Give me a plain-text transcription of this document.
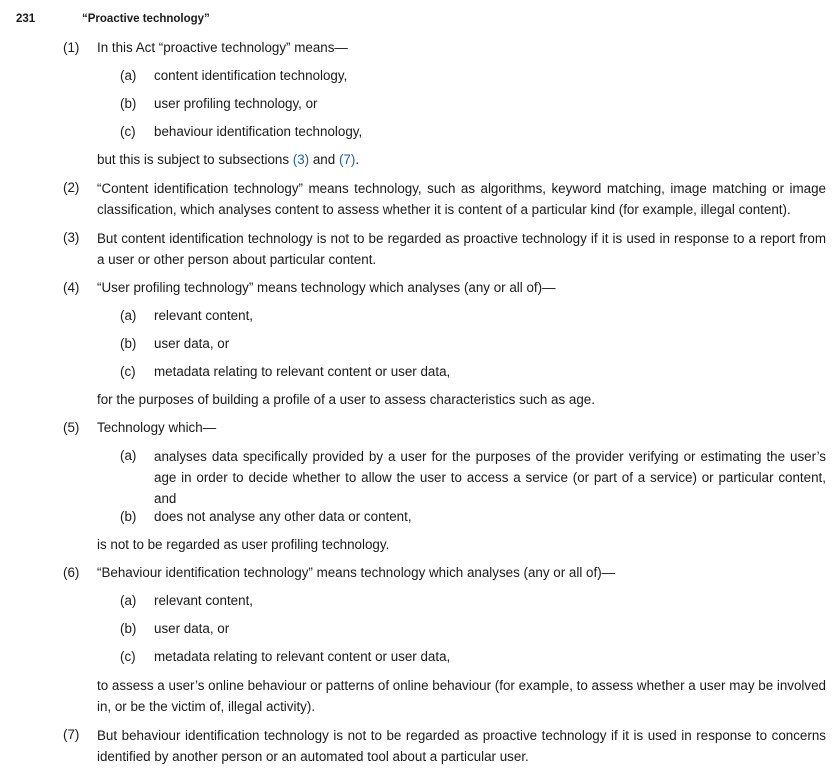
231	“Proactive technology”
(1) In this Act “proactive technology” means—
(a) content identification technology,
(b) user profiling technology, or
(c) behaviour identification technology,
but this is subject to subsections (3) and (7).
(2) “Content identification technology” means technology, such as algorithms, keyword matching, image matching or image classification, which analyses content to assess whether it is content of a particular kind (for example, illegal content).
(3) But content identification technology is not to be regarded as proactive technology if it is used in response to a report from a user or other person about particular content.
(4) “User profiling technology” means technology which analyses (any or all of)—
(a) relevant content,
(b) user data, or
(c) metadata relating to relevant content or user data,
for the purposes of building a profile of a user to assess characteristics such as age.
(5) Technology which—
(a) analyses data specifically provided by a user for the purposes of the provider verifying or estimating the user’s age in order to decide whether to allow the user to access a service (or part of a service) or particular content, and
(b) does not analyse any other data or content,
is not to be regarded as user profiling technology.
(6) “Behaviour identification technology” means technology which analyses (any or all of)—
(a) relevant content,
(b) user data, or
(c) metadata relating to relevant content or user data,
to assess a user’s online behaviour or patterns of online behaviour (for example, to assess whether a user may be involved in, or be the victim of, illegal activity).
(7) But behaviour identification technology is not to be regarded as proactive technology if it is used in response to concerns identified by another person or an automated tool about a particular user.
